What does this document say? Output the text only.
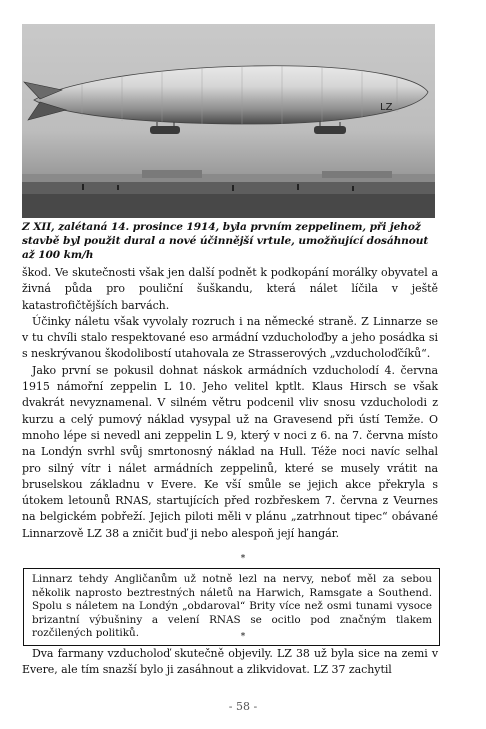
LZ
Z XII, zalétaná 14. prosince 1914, byla prvním zeppelinem, při jehož stavbě byl použit dural a nové účinnější vrtule, umožňující dosáhnout až 100 km/h

škod. Ve skutečnosti však jen další podnět k podkopání morálky obyvatel a živná půda pro pouliční šuškandu, která nálet líčila v ještě katastrofičtějších barvách.

Účinky náletu však vyvolaly rozruch i na německé straně. Z Linnarze se v tu chvíli stalo respektované eso armádní vzducholoďby a jeho posádka si s neskrývanou škodolibostí utahovala ze Strasserových „vzducholoďčíků“.

Jako první se pokusil dohnat náskok armádních vzducholodí 4. června 1915 námořní zeppelin L 10. Jeho velitel kptlt. Klaus Hirsch se však dvakrát nevyznamenal. V silném větru podcenil vliv snosu vzducholodi z kurzu a celý pumový náklad vysypal už na Gravesend při ústí Temže. O mnoho lépe si nevedl ani zeppelin L 9, který v noci z 6. na 7. června místo na Londýn svrhl svůj smrtonosný náklad na Hull. Téže noci navíc selhal pro silný vítr i nálet armádních zeppelinů, které se musely vrátit na bruselskou základnu v Evere. Ke vší smůle se jejich akce překryla s útokem letounů RNAS, startujících před rozbřeskem 7. června z Veurnes na belgickém pobřeží. Jejich piloti měli v plánu „zatrhnout tipec“ obávané Linnarzově LZ 38 a zničit buď ji nebo alespoň její hangár.

*
Linnarz tehdy Angličanům už notně lezl na nervy, neboť měl za sebou několik naprosto beztrestných náletů na Harwich, Ramsgate a Southend. Spolu s náletem na Londýn „obdaroval“ Brity více než osmi tunami vysoce brizantní výbušniny a velení RNAS se ocitlo pod značným tlakem rozčilených politiků.	*

Dva farmany vzducholoď skutečně objevily. LZ 38 už byla sice na zemi v Evere, ale tím snazší bylo ji zasáhnout a zlikvidovat. LZ 37 zachytil

- 58 -
